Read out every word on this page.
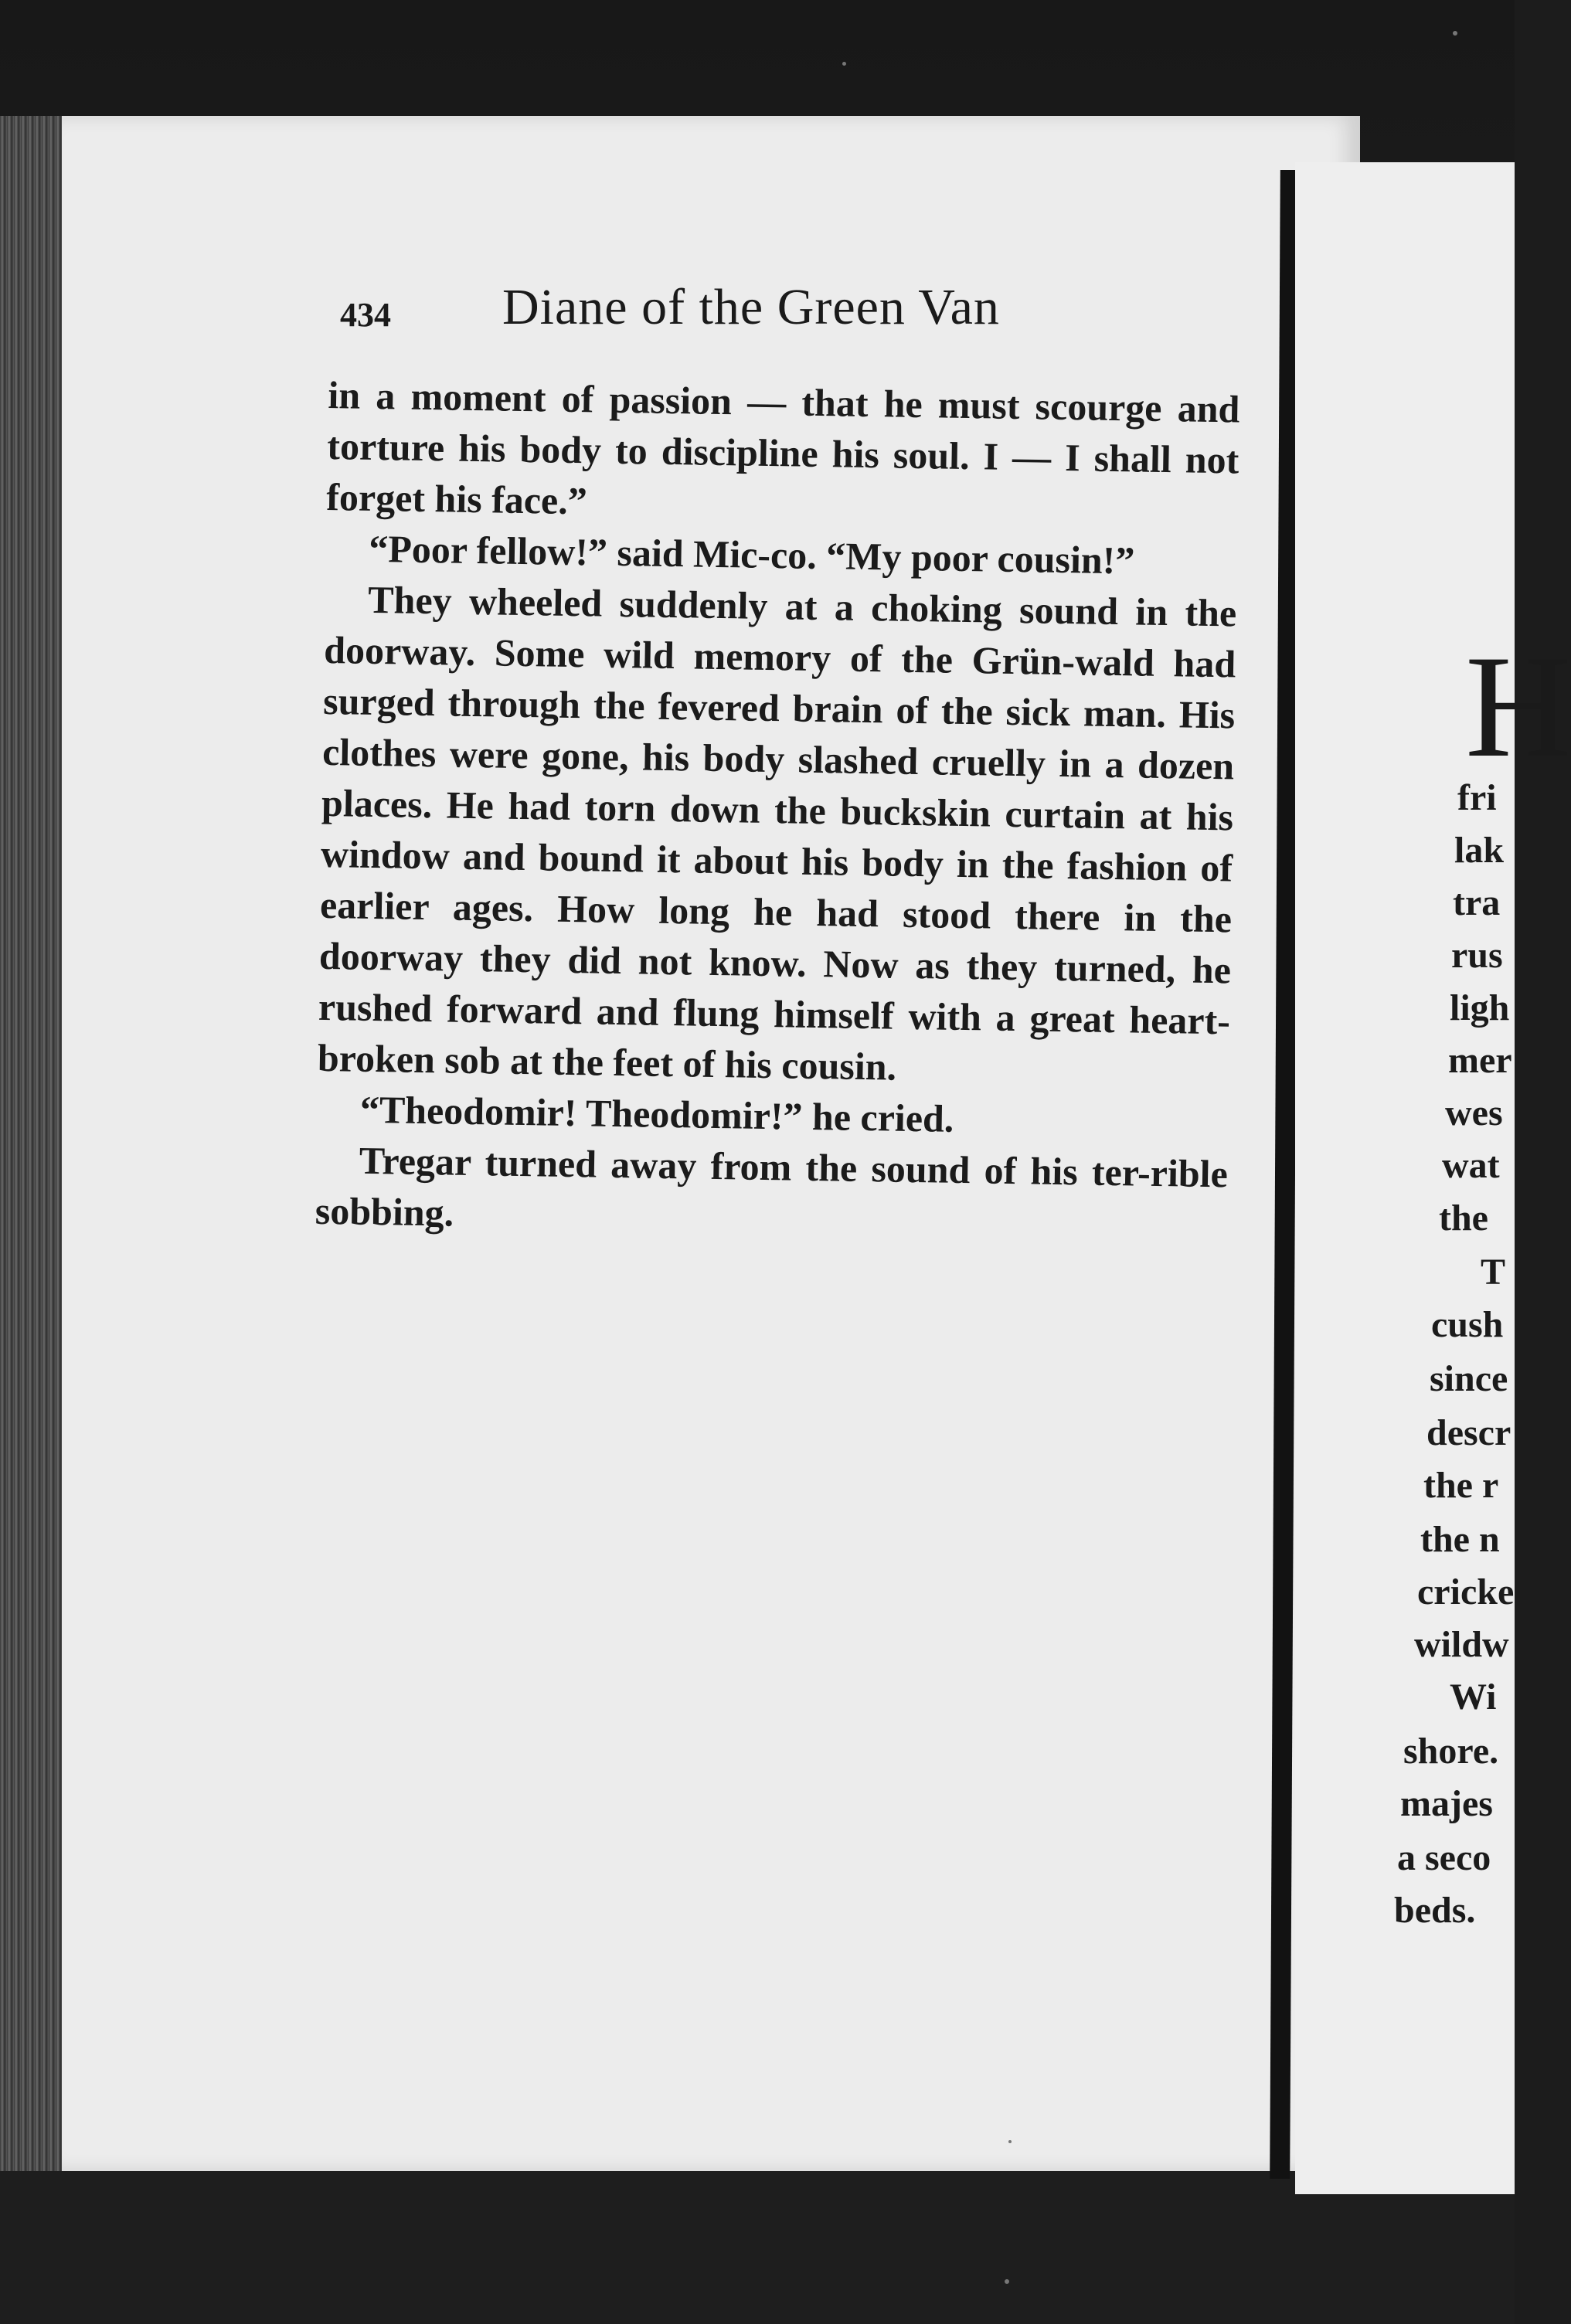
434 Diane of the Green Van

in a moment of passion — that he must scourge and torture his body to discipline his soul. I — I shall not forget his face.”

“Poor fellow!” said Mic-co. “My poor cousin!”

They wheeled suddenly at a choking sound in the doorway. Some wild memory of the Grün-wald had surged through the fevered brain of the sick man. His clothes were gone, his body slashed cruelly in a dozen places. He had torn down the buckskin curtain at his window and bound it about his body in the fashion of earlier ages. How long he had stood there in the doorway they did not know. Now as they turned, he rushed forward and flung himself with a great heart-broken sob at the feet of his cousin.

“Theodomir! Theodomir!” he cried.

Tregar turned away from the sound of his ter-rible sobbing.

H
fri
lak
tra
rus
ligh
mer
wes
wat
the
T
cush
since
descr
the r
the n
cricke
wildw
Wi
shore.
majes
a seco
beds.
